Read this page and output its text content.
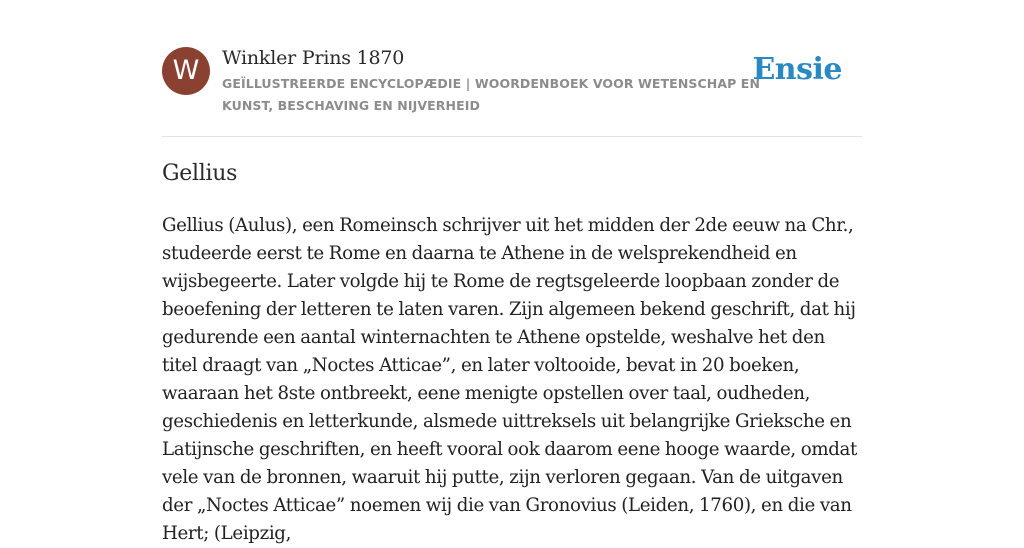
W	Winkler Prins 1870
GEÏLLUSTREERDE ENCYCLOPÆDIE | WOORDENBOEK VOOR WETENSCHAP EN KUNST, BESCHAVING EN NIJVERHEID
Ensie
Gellius

Gellius (Aulus), een Romeinsch schrijver uit het midden der 2de eeuw na Chr., studeerde eerst te Rome en daarna te Athene in de welsprekendheid en wijsbegeerte. Later volgde hij te Rome de regtsgeleerde loopbaan zonder de beoefening der letteren te laten varen. Zijn algemeen bekend geschrift, dat hij gedurende een aantal winternachten te Athene opstelde, weshalve het den titel draagt van „Noctes Atticae”, en later voltooide, bevat in 20 boeken, waaraan het 8ste ontbreekt, eene menigte opstellen over taal, oudheden, geschiedenis en letterkunde, alsmede uittreksels uit belangrijke Grieksche en Latijnsche geschriften, en heeft vooral ook daarom eene hooge waarde, omdat vele van de bronnen, waaruit hij putte, zijn verloren gegaan. Van de uitgaven der „Noctes Atticae” noemen wij die van Gronovius (Leiden, 1760), en die van Hert; (Leipzig,
